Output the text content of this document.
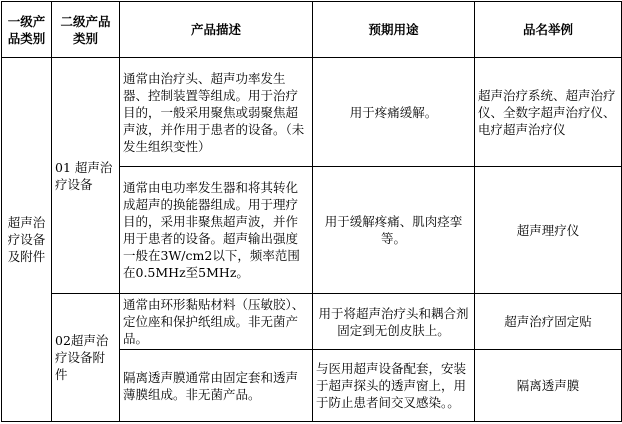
一级产品类别	二级产品类别	产品描述	预期用途	品名举例
超声治疗设备及附件	01 超声治疗设备	通常由治疗头、超声功率发生器、控制装置等组成。用于治疗目的，一般采用聚焦或弱聚焦超声波，并作用于患者的设备。（未发生组织变性）	用于疼痛缓解。	超声治疗系统、超声治疗仪、全数字超声治疗仪、电疗超声治疗仪
		通常由电功率发生器和将其转化成超声的换能器组成。用于理疗目的，采用非聚焦超声波，并作用于患者的设备。超声输出强度一般在3W/cm2以下，频率范围在0.5MHz至5MHz。	用于缓解疼痛、肌肉痉挛等。	超声理疗仪
	02超声治疗设备附件	通常由环形黏贴材料（压敏胶）、定位座和保护纸组成。非无菌产品。	用于将超声治疗头和耦合剂固定到无创皮肤上。	超声治疗固定贴
		隔离透声膜通常由固定套和透声薄膜组成。非无菌产品。	与医用超声设备配套，安装于超声探头的透声窗上，用于防止患者间交叉感染。。	隔离透声膜
